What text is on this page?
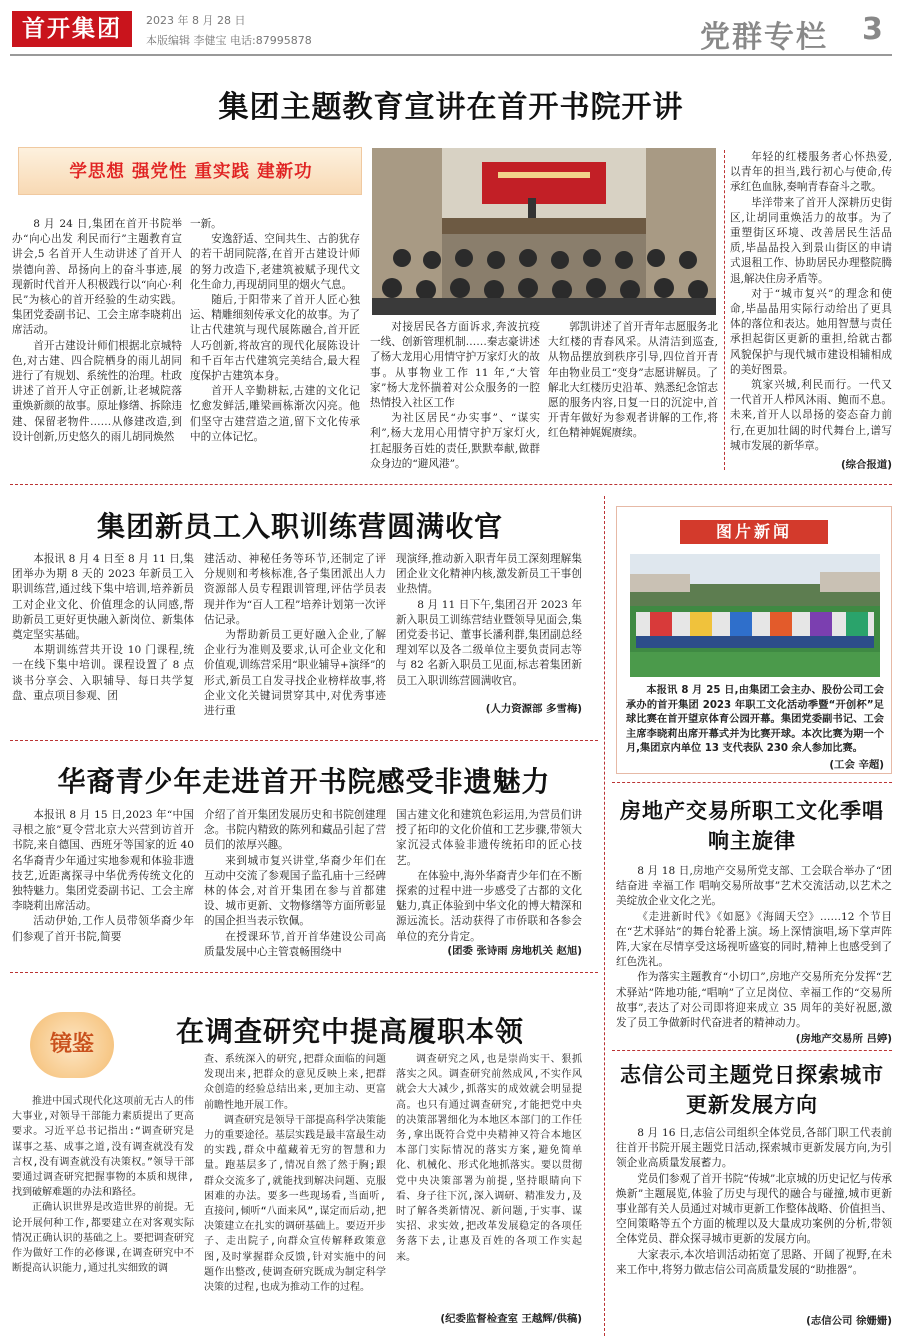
首开集团	2023 年 8 月 28 日
本版编辑 李健宝 电话:87995878	党群专栏 3
集团主题教育宣讲在首开书院开讲
学思想 强党性 重实践 建新功

8 月 24 日,集团在首开书院举办“向心出发 利民而行”主题教育宣讲会,5 名首开人生动讲述了首开人崇德向善、昂扬向上的奋斗事迹,展现新时代首开人积极践行以“向心·利民”为核心的首开经验的生动实践。集团党委副书记、工会主席李晓莉出席活动。

首开古建设计师们根据北京城特色,对古建、四合院栖身的雨儿胡同进行了有规划、系统性的治理。杜政讲述了首开人守正创新,让老城院落重焕新颜的故事。原址修缮、拆除违建、保留老物件……从修建改造,到设计创新,历史悠久的雨儿胡同焕然

一新。

安逸舒适、空间共生、古韵犹存的若干胡同院落,在首开古建设计师的努力改造下,老建筑被赋予现代文化生命力,再现胡同里的烟火气息。

随后,于阳带来了首开人匠心独运、精雕细刻传承文化的故事。为了让古代建筑与现代展陈融合,首开匠人巧创新,将故宫的现代化展陈设计和千百年古代建筑完美结合,最大程度保护古建筑本身。

首开人辛勤耕耘,古建的文化记忆愈发鲜活,雕梁画栋渐次闪亮。他们坚守古建营造之道,留下文化传承中的立体记忆。

对接居民各方面诉求,奔波抗疫一线、创新管理机制……秦志豪讲述了杨大龙用心用情守护万家灯火的故事。从事物业工作 11 年,“大管家”杨大龙怀揣着对公众服务的一腔热情投入社区工作

为社区居民“办实事”、“谋实利”,杨大龙用心用情守护万家灯火,扛起服务百姓的责任,默默奉献,做群众身边的“避风港”。

郭凯讲述了首开青年志愿服务北大红楼的青春风采。从清洁到巡查,从物品摆放到秩序引导,四位首开青年由物业员工“变身”志愿讲解员。了解北大红楼历史沿革、熟悉纪念馆志愿的服务内容,日复一日的沉淀中,首开青年做好为参观者讲解的工作,将红色精神娓娓赓续。

年轻的红楼服务者心怀热爱,以青年的担当,践行初心与使命,传承红色血脉,奏响青春奋斗之歌。

毕洋带来了首开人深耕历史街区,让胡同重焕活力的故事。为了重塑街区环境、改善居民生活品质,毕晶晶投入到景山街区的申请式退租工作、协助居民办理整院腾退,解决住房矛盾等。

对于“城市复兴”的理念和使命,毕晶晶用实际行动给出了更具体的落位和表达。她用智慧与责任承担起街区更新的重担,给就古都风貌保护与现代城市建设相辅相成的美好图景。

筑家兴城,利民而行。一代又一代首开人栉风沐雨、鲍而不息。未来,首开人以昂扬的姿态奋力前行,在更加壮阔的时代舞台上,谱写城市发展的新华章。

(综合报道)
集团新员工入职训练营圆满收官

本报讯 8 月 4 日至 8 月 11 日,集团举办为期 8 天的 2023 年新员工入职训练营,通过线下集中培训,培养新员工对企业文化、价值理念的认同感,帮助新员工更好更快融入新岗位、新集体奠定坚实基础。

本期训练营共开设 10 门课程,统一在线下集中培训。课程设置了 8 点谈书分享会、入职辅导、每日共学复盘、重点项目参观、团

建活动、神秘任务等环节,还制定了评分规则和考核标准,各子集团派出人力资源部人员专程跟训管理,评估学员表现并作为“百人工程”培养计划第一次评估记录。

为帮助新员工更好融入企业,了解企业行为准则及要求,认可企业文化和价值观,训练营采用“职业辅导+演绎”的形式,新员工自发寻找企业榜样故事,将企业文化关键词贯穿其中,对优秀事迹进行重

现演绎,推动新入职青年员工深刻理解集团企业文化精神内核,激发新员工干事创业热情。

8 月 11 日下午,集团召开 2023 年新入职员工训练营结业暨领导见面会,集团党委书记、董事长潘利群,集团副总经理刘军以及各二级单位主要负责同志等与 82 名新入职员工见面,标志着集团新员工入职训练营圆满收官。

(人力资源部 多雪梅)
图片新闻

本报讯 8 月 25 日,由集团工会主办、股份公司工会承办的首开集团 2023 年职工文化活动季暨“开创杯”足球比赛在首开望京体育公园开幕。集团党委副书记、工会主席李晓莉出席开幕式并为比赛开球。本次比赛为期一个月,集团京内单位 13 支代表队 230 余人参加比赛。

(工会 辛超)
华裔青少年走进首开书院感受非遗魅力

本报讯 8 月 15 日,2023 年“中国寻根之旅”夏令营北京大兴营到访首开书院,来自德国、西班牙等国家的近 40 名华裔青少年通过实地参观和体验非遗技艺,近距离探寻中华优秀传统文化的独特魅力。集团党委副书记、工会主席李晓莉出席活动。

活动伊始,工作人员带领华裔少年们参观了首开书院,简要

介绍了首开集团发展历史和书院创建理念。书院内精致的陈列和藏品引起了营员们的浓厚兴趣。

来到城市复兴讲堂,华裔少年们在互动中交流了参观国子监孔庙十三经碑林的体会,对首开集团在参与首都建设、城市更新、文物修缮等方面所彰显的国企担当表示钦佩。

在授课环节,首开首华建设公司高质量发展中心主管袁畅围绕中

国古建文化和建筑色彩运用,为营员们讲授了拓印的文化价值和工艺步骤,带领大家沉浸式体验非遗传统拓印的匠心技艺。

在体验中,海外华裔青少年们在不断探索的过程中进一步感受了古都的文化魅力,真正体验到中华文化的博大精深和源远流长。活动获得了市侨联和各参会单位的充分肯定。

(团委 张诗雨 房地机关 赵旭)
房地产交易所职工文化季唱响主旋律

8 月 18 日,房地产交易所党支部、工会联合举办了“团结奋进 幸福工作 唱响交易所故事”艺术交流活动,以艺术之美绽放企业文化之光。

《走进新时代》《如愿》《海阔天空》……12 个节目在“艺术驿站”的舞台轮番上演。场上深情演唱,场下掌声阵阵,大家在尽情享受这场视听盛宴的同时,精神上也感受到了红色洗礼。

作为落实主题教育“小切口”,房地产交易所充分发挥“艺术驿站”阵地功能,“唱响”了立足岗位、幸福工作的“交易所故事”,表达了对公司即将迎来成立 35 周年的美好祝愿,激发了员工争做新时代奋进者的精神动力。

(房地产交易所 吕婷)
镜鉴	在调查研究中提高履职本领

推进中国式现代化这项前无古人的伟大事业,对领导干部能力素质提出了更高要求。习近平总书记指出:“调查研究是谋事之基、成事之道,没有调查就没有发言权,没有调查就没有决策权。”领导干部要通过调查研究把握事物的本质和规律,找到破解难题的办法和路径。

正确认识世界是改造世界的前提。无论开展何种工作,都要建立在对客观实际情况正确认识的基础之上。要把调查研究作为做好工作的必修课,在调查研究中不断提高认识能力,通过扎实细致的调

查、系统深入的研究,把群众面临的问题发现出来,把群众的意见反映上来,把群众创造的经验总结出来,更加主动、更富前瞻性地开展工作。

调查研究是领导干部提高科学决策能力的重要途径。基层实践是最丰富最生动的实践,群众中蕴藏着无穷的智慧和力量。跑基层多了,情况自然了然于胸;跟群众交流多了,就能找到解决问题、克服困难的办法。要多一些现场看,当面听,直接问,倾听“八面来风”,谋定而后动,把决策建立在扎实的调研基础上。要迈开步子、走出院子,向群众宣传解释政策意图,及时掌握群众反馈,针对实施中的问题作出整改,使调查研究既成为制定科学决策的过程,也成为推动工作的过程。

调查研究之风,也是崇尚实干、狠抓落实之风。调查研究前然成风,不实作风就会大大减少,抓落实的成效就会明显提高。也只有通过调查研究,才能把党中央的决策部署细化为本地区本部门的工作任务,拿出既符合党中央精神又符合本地区本部门实际情况的落实方案,避免简单化、机械化、形式化地抓落实。要以贯彻党中央决策部署为前提,坚持眼睛向下看、身子往下沉,深入调研、精准发力,及时了解各类新情况、新问题,于实事、谋实招、求实效,把改革发展稳定的各项任务落下去,让惠及百姓的各项工作实起来。

(纪委监督检查室 王越辉/供稿)
志信公司主题党日探索城市更新发展方向

8 月 16 日,志信公司组织全体党员,各部门职工代表前往首开书院开展主题党日活动,探索城市更新发展方向,为引领企业高质量发展蓄力。

党员们参观了首开书院“传城”北京城的历史记忆与传承焕新”主题展览,体验了历史与现代的融合与碰撞,城市更新事业部有关人员通过对城市更新工作整体战略、价值担当、空间策略等五个方面的梳理以及大量成功案例的分析,带领全体党员、群众探寻城市更新的发展方向。

大家表示,本次培训活动拓宽了思路、开阔了视野,在未来工作中,将努力做志信公司高质量发展的“助推器”。

(志信公司 徐姗姗)
